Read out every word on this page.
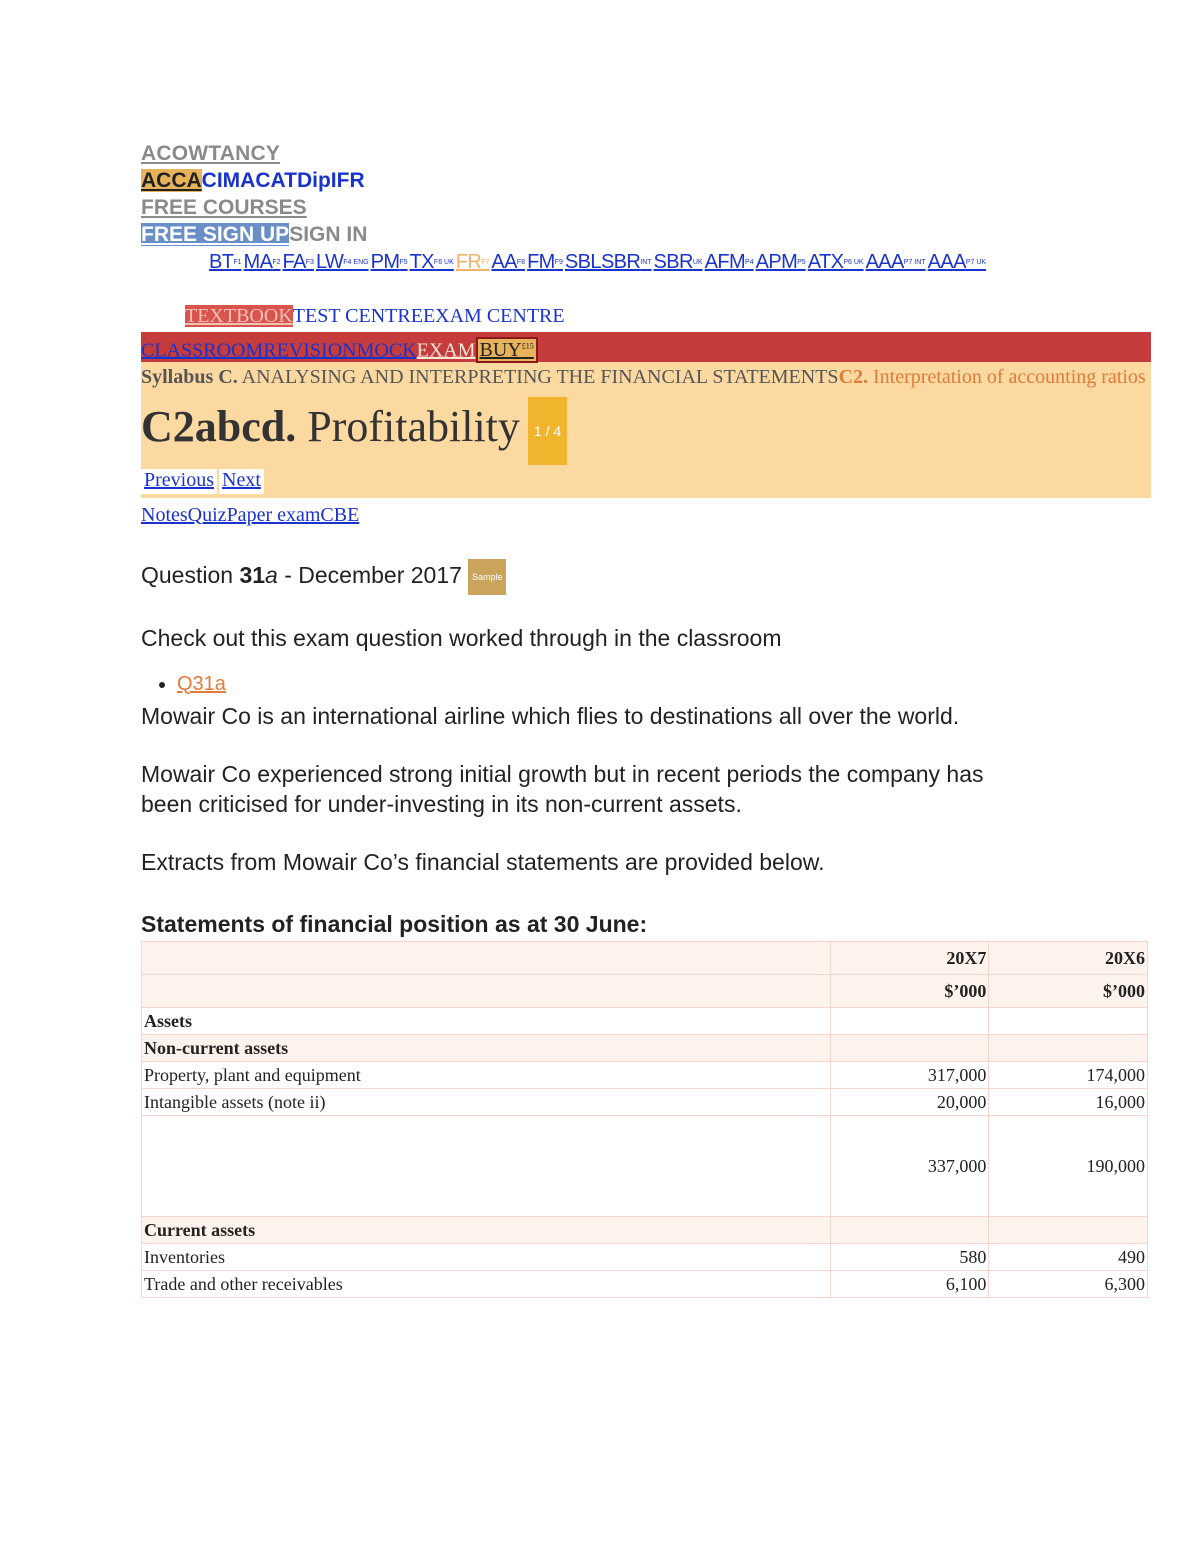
ACOWTANCY
ACCACIMACATDipIFR
FREE COURSES
FREE SIGN UPSIGN IN
BTF1 MAF2 FAF3 LWF4 ENG PMF5 TXF6 UK FRF7 AAF8 FMF9 SBLSBRINT SBRUK AFMP4 APMP5 ATXP6 UK AAAP7 INT AAAP7 UK
TEXTBOOKTEST CENTREEXAM CENTRE
CLASSROOMREVISIONMOCKEXAM $BUY^{£15}$
Syllabus C. ANALYSING AND INTERPRETING THE FINANCIAL STATEMENTSC2. Interpretation of accounting ratios
C2abcd. Profitability 1 / 4
Previous Next
NotesQuizPaper examCBE
Question 31a - December 2017 Sample
Check out this exam question worked through in the classroom
• Q31a
Mowair Co is an international airline which flies to destinations all over the world.
Mowair Co experienced strong initial growth but in recent periods the company has been criticised for under-investing in its non-current assets.
Extracts from Mowair Co’s financial statements are provided below.
Statements of financial position as at 30 June:
	20X7	20X6
	$’000	$’000
Assets		
Non-current assets		
Property, plant and equipment	317,000	174,000
Intangible assets (note ii)	20,000	16,000
	337,000	190,000
Current assets		
Inventories	580	490
Trade and other receivables	6,100	6,300
